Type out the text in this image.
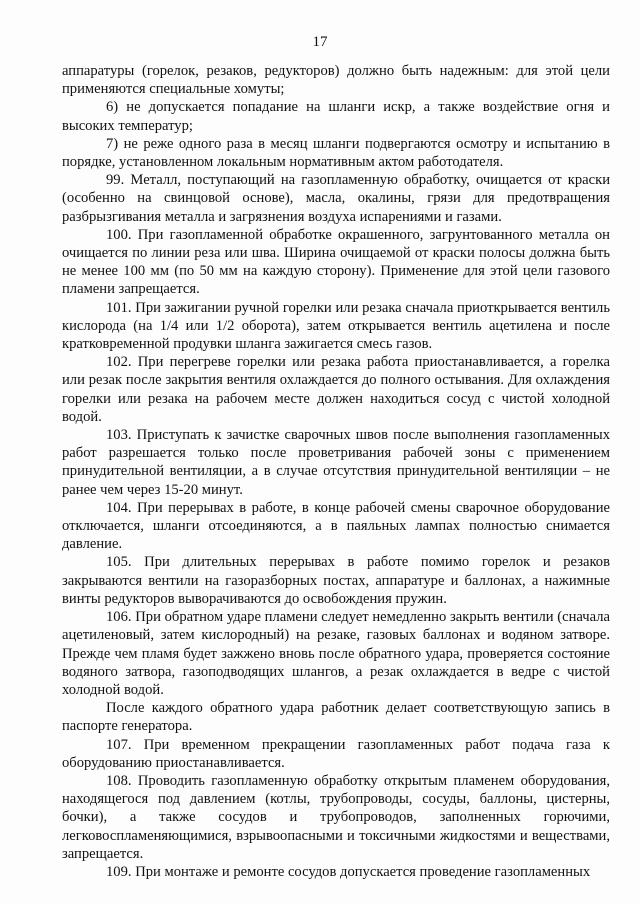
17

аппаратуры (горелок, резаков, редукторов) должно быть надежным: для этой цели применяются специальные хомуты;

6) не допускается попадание на шланги искр, а также воздействие огня и высоких температур;

7) не реже одного раза в месяц шланги подвергаются осмотру и испытанию в порядке, установленном локальным нормативным актом работодателя.

99. Металл, поступающий на газопламенную обработку, очищается от краски (особенно на свинцовой основе), масла, окалины, грязи для предотвращения разбрызгивания металла и загрязнения воздуха испарениями и газами.

100. При газопламенной обработке окрашенного, загрунтованного металла он очищается по линии реза или шва. Ширина очищаемой от краски полосы должна быть не менее 100 мм (по 50 мм на каждую сторону). Применение для этой цели газового пламени запрещается.

101. При зажигании ручной горелки или резака сначала приоткрывается вентиль кислорода (на 1/4 или 1/2 оборота), затем открывается вентиль ацетилена и после кратковременной продувки шланга зажигается смесь газов.

102. При перегреве горелки или резака работа приостанавливается, а горелка или резак после закрытия вентиля охлаждается до полного остывания. Для охлаждения горелки или резака на рабочем месте должен находиться сосуд с чистой холодной водой.

103. Приступать к зачистке сварочных швов после выполнения газопламенных работ разрешается только после проветривания рабочей зоны с применением принудительной вентиляции, а в случае отсутствия принудительной вентиляции – не ранее чем через 15-20 минут.

104. При перерывах в работе, в конце рабочей смены сварочное оборудование отключается, шланги отсоединяются, а в паяльных лампах полностью снимается давление.

105. При длительных перерывах в работе помимо горелок и резаков закрываются вентили на газоразборных постах, аппаратуре и баллонах, а нажимные винты редукторов выворачиваются до освобождения пружин.

106. При обратном ударе пламени следует немедленно закрыть вентили (сначала ацетиленовый, затем кислородный) на резаке, газовых баллонах и водяном затворе. Прежде чем пламя будет зажжено вновь после обратного удара, проверяется состояние водяного затвора, газоподводящих шлангов, а резак охлаждается в ведре с чистой холодной водой.

После каждого обратного удара работник делает соответствующую запись в паспорте генератора.

107. При временном прекращении газопламенных работ подача газа к оборудованию приостанавливается.

108. Проводить газопламенную обработку открытым пламенем оборудования, находящегося под давлением (котлы, трубопроводы, сосуды, баллоны, цистерны, бочки), а также сосудов и трубопроводов, заполненных горючими, легковоспламеняющимися, взрывоопасными и токсичными жидкостями и веществами, запрещается.

109. При монтаже и ремонте сосудов допускается проведение газопламенных
